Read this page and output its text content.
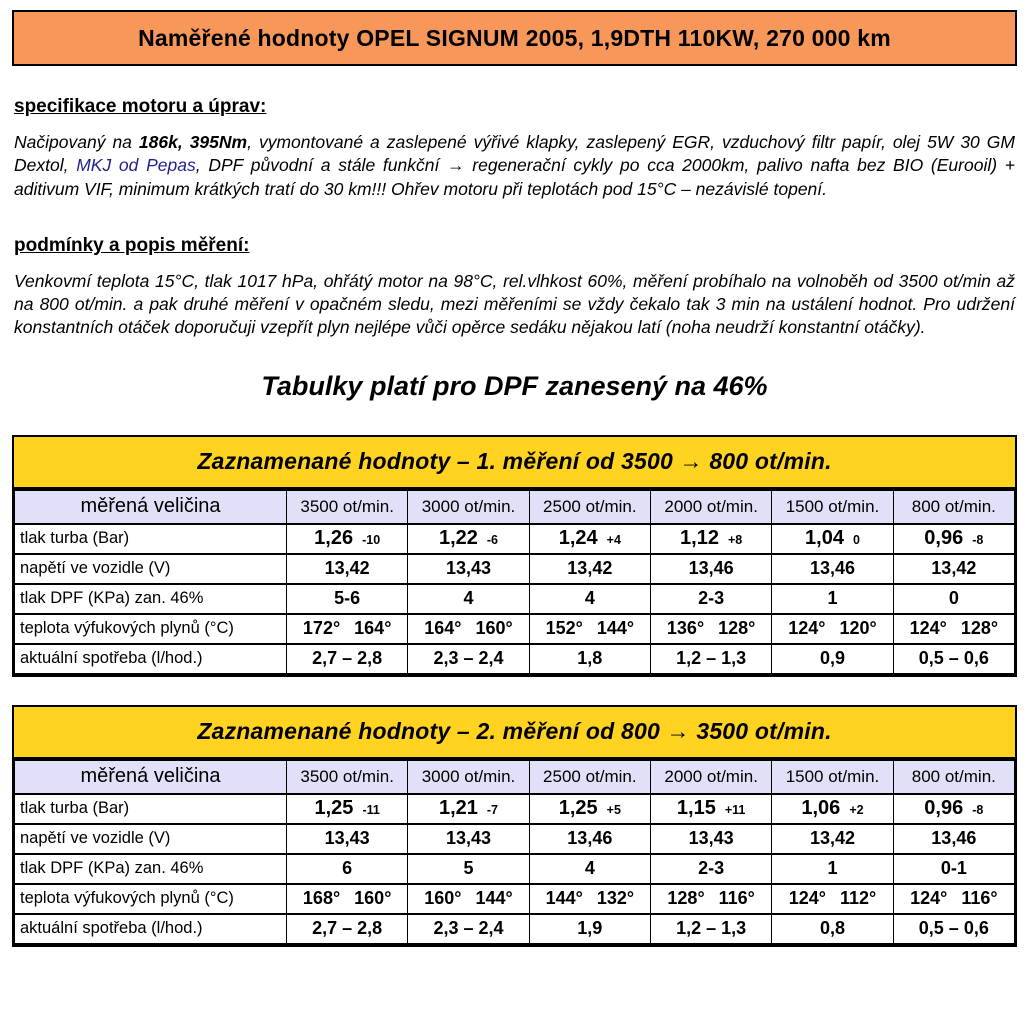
Naměřené hodnoty OPEL SIGNUM 2005, 1,9DTH 110KW, 270 000 km
specifikace motoru a úprav:

Načipovaný na 186k, 395Nm, vymontované a zaslepené výřivé klapky, zaslepený EGR, vzduchový filtr papír, olej 5W 30 GM Dextol, MKJ od Pepas, DPF původní a stále funkční → regenerační cykly po cca 2000km, palivo nafta bez BIO (Eurooil) + aditivum VIF, minimum krátkých tratí do 30 km!!! Ohřev motoru při teplotách pod 15°C – nezávislé topení.

podmínky a popis měření:

Venkovmí teplota 15°C, tlak 1017 hPa, ohřátý motor na 98°C, rel.vlhkost 60%, měření probíhalo na volnoběh od 3500 ot/min až na 800 ot/min. a pak druhé měření v opačném sledu, mezi měřeními se vždy čekalo tak 3 min na ustálení hodnot. Pro udržení konstantních otáček doporučuji vzepřít plyn nejlépe vůči opěrce sedáku nějakou latí (noha neudrží konstantní otáčky).

Tabulky platí pro DPF zanesený na 46%
Zaznamenané hodnoty – 1. měření od 3500 → 800 ot/min.
měřená veličina	3500 ot/min.	3000 ot/min.	2500 ot/min.	2000 ot/min.	1500 ot/min.	800 ot/min.
tlak turba (Bar)	1,26 -10	1,22 -6	1,24 +4	1,12 +8	1,04 0	0,96 -8
napětí ve vozidle (V)	13,42	13,43	13,42	13,46	13,46	13,42
tlak DPF (KPa) zan. 46%	5-6	4	4	2-3	1	0
teplota výfukových plynů (°C)	172° 164°	164° 160°	152° 144°	136° 128°	124° 120°	124° 128°
aktuální spotřeba (l/hod.)	2,7 – 2,8	2,3 – 2,4	1,8	1,2 – 1,3	0,9	0,5 – 0,6
Zaznamenané hodnoty – 2. měření od 800 → 3500 ot/min.
měřená veličina	3500 ot/min.	3000 ot/min.	2500 ot/min.	2000 ot/min.	1500 ot/min.	800 ot/min.
tlak turba (Bar)	1,25 -11	1,21 -7	1,25 +5	1,15 +11	1,06 +2	0,96 -8
napětí ve vozidle (V)	13,43	13,43	13,46	13,43	13,42	13,46
tlak DPF (KPa) zan. 46%	6	5	4	2-3	1	0-1
teplota výfukových plynů (°C)	168° 160°	160° 144°	144° 132°	128° 116°	124° 112°	124° 116°
aktuální spotřeba (l/hod.)	2,7 – 2,8	2,3 – 2,4	1,9	1,2 – 1,3	0,8	0,5 – 0,6
